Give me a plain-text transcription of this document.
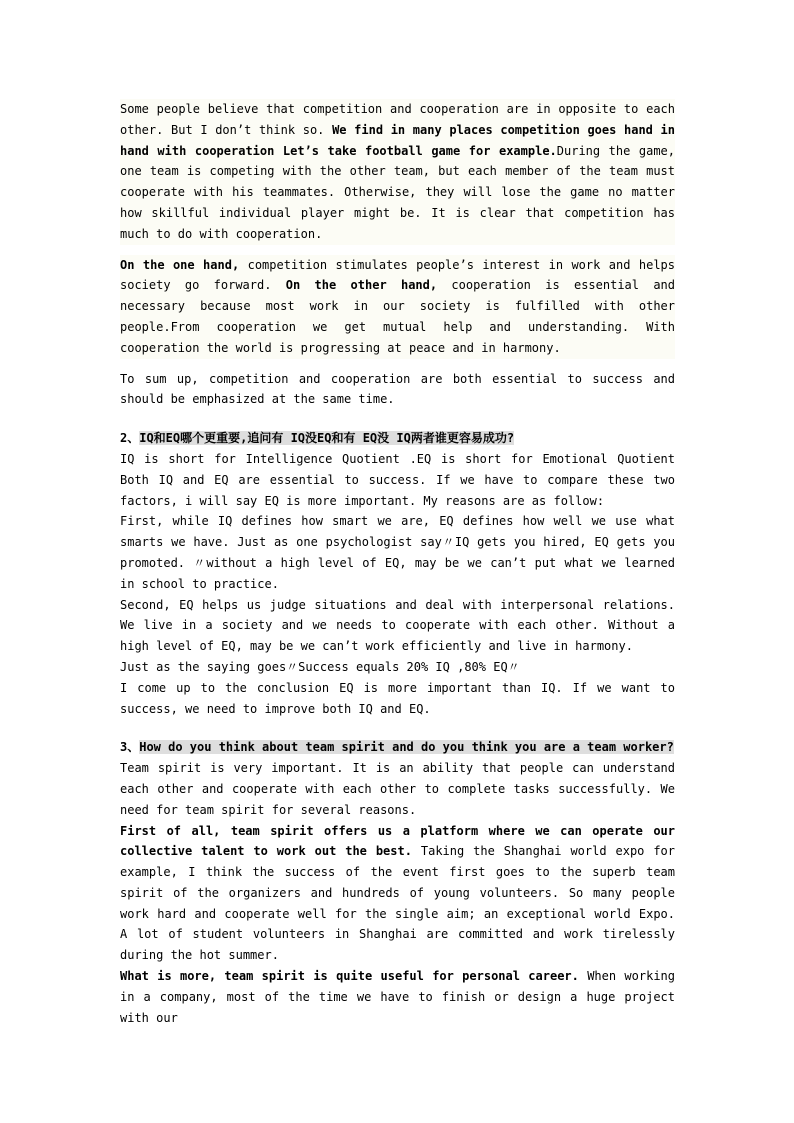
Some people believe that competition and cooperation are in opposite to each other. But I don’t think so. We find in many places competition goes hand in hand with cooperation Let’s take football game for example.During the game, one team is competing with the other team, but each member of the team must cooperate with his teammates. Otherwise, they will lose the game no matter how skillful individual player might be. It is clear that competition has much to do with cooperation.

On the one hand, competition stimulates people’s interest in work and helps society go forward. On the other hand, cooperation is essential and necessary because most work in our society is fulfilled with other people.From cooperation we get mutual help and understanding. With cooperation the world is progressing at peace and in harmony.

To sum up, competition and cooperation are both essential to success and should be emphasized at the same time.

2、IQ和EQ哪个更重要,追问有 IQ没EQ和有 EQ没 IQ两者谁更容易成功?

IQ is short for Intelligence Quotient .EQ is short for Emotional Quotient Both IQ and EQ are essential to success. If we have to compare these two factors, i will say EQ is more important. My reasons are as follow:
First, while IQ defines how smart we are, EQ defines how well we use what smarts we have. Just as one psychologist say〃IQ gets you hired, EQ gets you promoted. 〃without a high level of EQ, may be we can’t put what we learned in school to practice.
Second, EQ helps us judge situations and deal with interpersonal relations. We live in a society and we needs to cooperate with each other. Without a high level of EQ, may be we can’t work efficiently and live in harmony.
Just as the saying goes〃Success equals 20% IQ ,80% EQ〃
I come up to the conclusion EQ is more important than IQ. If we want to success, we need to improve both IQ and EQ.

3、How do you think about team spirit and do you think you are a team worker?

Team spirit is very important. It is an ability that people can understand each other and cooperate with each other to complete tasks successfully. We need for team spirit for several reasons.

First of all, team spirit offers us a platform where we can operate our collective talent to work out the best. Taking the Shanghai world expo for example, I think the success of the event first goes to the superb team spirit of the organizers and hundreds of young volunteers. So many people work hard and cooperate well for the single aim; an exceptional world Expo. A lot of student volunteers in Shanghai are committed and work tirelessly during the hot summer.

What is more, team spirit is quite useful for personal career. When working in a company, most of the time we have to finish or design a huge project with our
